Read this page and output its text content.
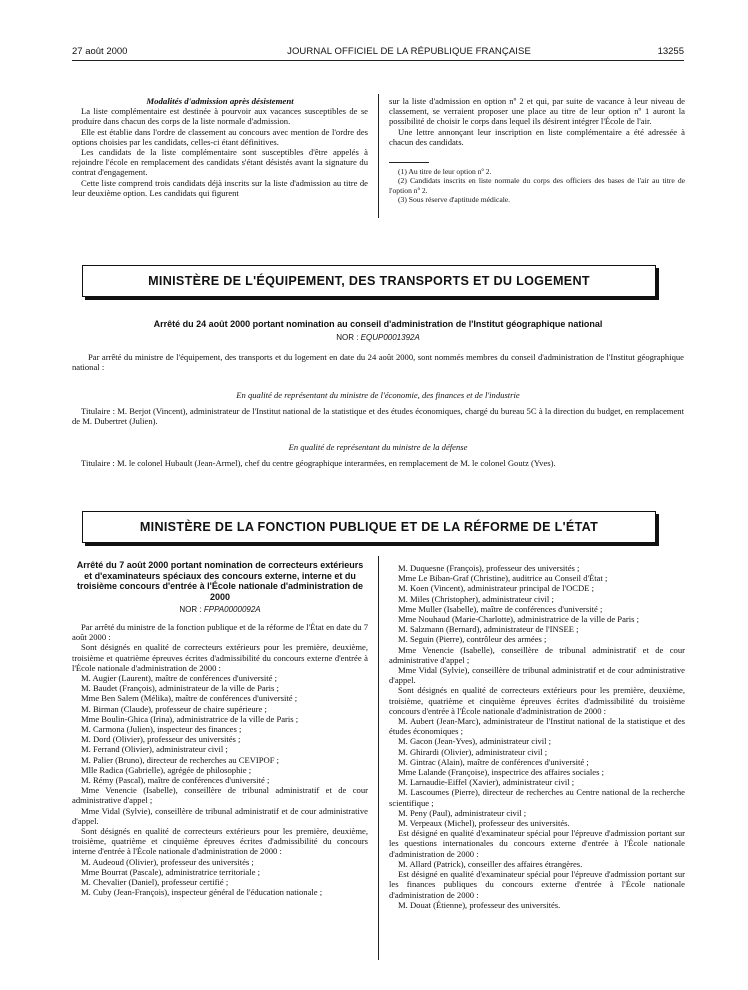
27 août 2000	JOURNAL OFFICIEL DE LA RÉPUBLIQUE FRANÇAISE	13255

Modalités d'admission après désistement

La liste complémentaire est destinée à pourvoir aux vacances susceptibles de se produire dans chacun des corps de la liste normale d'admission.

Elle est établie dans l'ordre de classement au concours avec mention de l'ordre des options choisies par les candidats, celles-ci étant définitives.

Les candidats de la liste complémentaire sont susceptibles d'être appelés à rejoindre l'école en remplacement des candidats s'étant désistés avant la signature du contrat d'engagement.

Cette liste comprend trois candidats déjà inscrits sur la liste d'admission au titre de leur deuxième option. Les candidats qui figurent

sur la liste d'admission en option nº 2 et qui, par suite de vacance à leur niveau de classement, se verraient proposer une place au titre de leur option nº 1 auront la possibilité de choisir le corps dans lequel ils désirent intégrer l'École de l'air.

Une lettre annonçant leur inscription en liste complémentaire a été adressée à chacun des candidats.

(1) Au titre de leur option nº 2.

(2) Candidats inscrits en liste normale du corps des officiers des bases de l'air au titre de l'option nº 2.

(3) Sous réserve d'aptitude médicale.

MINISTÈRE DE L'ÉQUIPEMENT, DES TRANSPORTS ET DU LOGEMENT
Arrêté du 24 août 2000 portant nomination au conseil d'administration de l'Institut géographique national
NOR : EQUP0001392A
Par arrêté du ministre de l'équipement, des transports et du logement en date du 24 août 2000, sont nommés membres du conseil d'administration de l'Institut géographique national :
En qualité de représentant du ministre de l'économie, des finances et de l'industrie
Titulaire : M. Berjot (Vincent), administrateur de l'Institut national de la statistique et des études économiques, chargé du bureau 5C à la direction du budget, en remplacement de M. Dubertret (Julien).
En qualité de représentant du ministre de la défense
Titulaire : M. le colonel Hubault (Jean-Armel), chef du centre géographique interarmées, en remplacement de M. le colonel Goutz (Yves).
MINISTÈRE DE LA FONCTION PUBLIQUE ET DE LA RÉFORME DE L'ÉTAT
Arrêté du 7 août 2000 portant nomination de correcteurs extérieurs et d'examinateurs spéciaux des concours externe, interne et du troisième concours d'entrée à l'École nationale d'administration de 2000
NOR : FPPA0000092A

Par arrêté du ministre de la fonction publique et de la réforme de l'État en date du 7 août 2000 :

Sont désignés en qualité de correcteurs extérieurs pour les première, deuxième, troisième et quatrième épreuves écrites d'admissibilité du concours externe d'entrée à l'École nationale d'administration de 2000 :

M. Augier (Laurent), maître de conférences d'université ;

M. Baudet (François), administrateur de la ville de Paris ;

Mme Ben Salem (Mélika), maître de conférences d'université ;

M. Birman (Claude), professeur de chaire supérieure ;

Mme Boulin-Ghica (Irina), administratrice de la ville de Paris ;

M. Carmona (Julien), inspecteur des finances ;

M. Dord (Olivier), professeur des universités ;

M. Ferrand (Olivier), administrateur civil ;

M. Palier (Bruno), directeur de recherches au CEVIPOF ;

Mlle Radica (Gabrielle), agrégée de philosophie ;

M. Rémy (Pascal), maître de conférences d'université ;

Mme Venencie (Isabelle), conseillère de tribunal administratif et de cour administrative d'appel ;

Mme Vidal (Sylvie), conseillère de tribunal administratif et de cour administrative d'appel.

Sont désignés en qualité de correcteurs extérieurs pour les première, deuxième, troisième, quatrième et cinquième épreuves écrites d'admissibilité du concours interne d'entrée à l'École nationale d'administration de 2000 :

M. Audeoud (Olivier), professeur des universités ;

Mme Bourrat (Pascale), administratrice territoriale ;

M. Chevalier (Daniel), professeur certifié ;

M. Cuby (Jean-François), inspecteur général de l'éducation nationale ;

M. Duquesne (François), professeur des universités ;

Mme Le Biban-Graf (Christine), auditrice au Conseil d'État ;

M. Koen (Vincent), administrateur principal de l'OCDE ;

M. Miles (Christopher), administrateur civil ;

Mme Muller (Isabelle), maître de conférences d'université ;

Mme Nouhaud (Marie-Charlotte), administratrice de la ville de Paris ;

M. Salzmann (Bernard), administrateur de l'INSEE ;

M. Seguin (Pierre), contrôleur des armées ;

Mme Venencie (Isabelle), conseillère de tribunal administratif et de cour administrative d'appel ;

Mme Vidal (Sylvie), conseillère de tribunal administratif et de cour administrative d'appel.

Sont désignés en qualité de correcteurs extérieurs pour les première, deuxième, troisième, quatrième et cinquième épreuves écrites d'admissibilité du troisième concours d'entrée à l'École nationale d'administration de 2000 :

M. Aubert (Jean-Marc), administrateur de l'Institut national de la statistique et des études économiques ;

M. Gacon (Jean-Yves), administrateur civil ;

M. Ghirardi (Olivier), administrateur civil ;

M. Gintrac (Alain), maître de conférences d'université ;

Mme Lalande (Françoise), inspectrice des affaires sociales ;

M. Larnaudie-Eiffel (Xavier), administrateur civil ;

M. Lascoumes (Pierre), directeur de recherches au Centre national de la recherche scientifique ;

M. Peny (Paul), administrateur civil ;

M. Verpeaux (Michel), professeur des universités.

Est désigné en qualité d'examinateur spécial pour l'épreuve d'admission portant sur les questions internationales du concours externe d'entrée à l'École nationale d'administration de 2000 :

M. Allard (Patrick), conseiller des affaires étrangères.

Est désigné en qualité d'examinateur spécial pour l'épreuve d'admission portant sur les finances publiques du concours externe d'entrée à l'École nationale d'administration de 2000 :

M. Douat (Étienne), professeur des universités.
